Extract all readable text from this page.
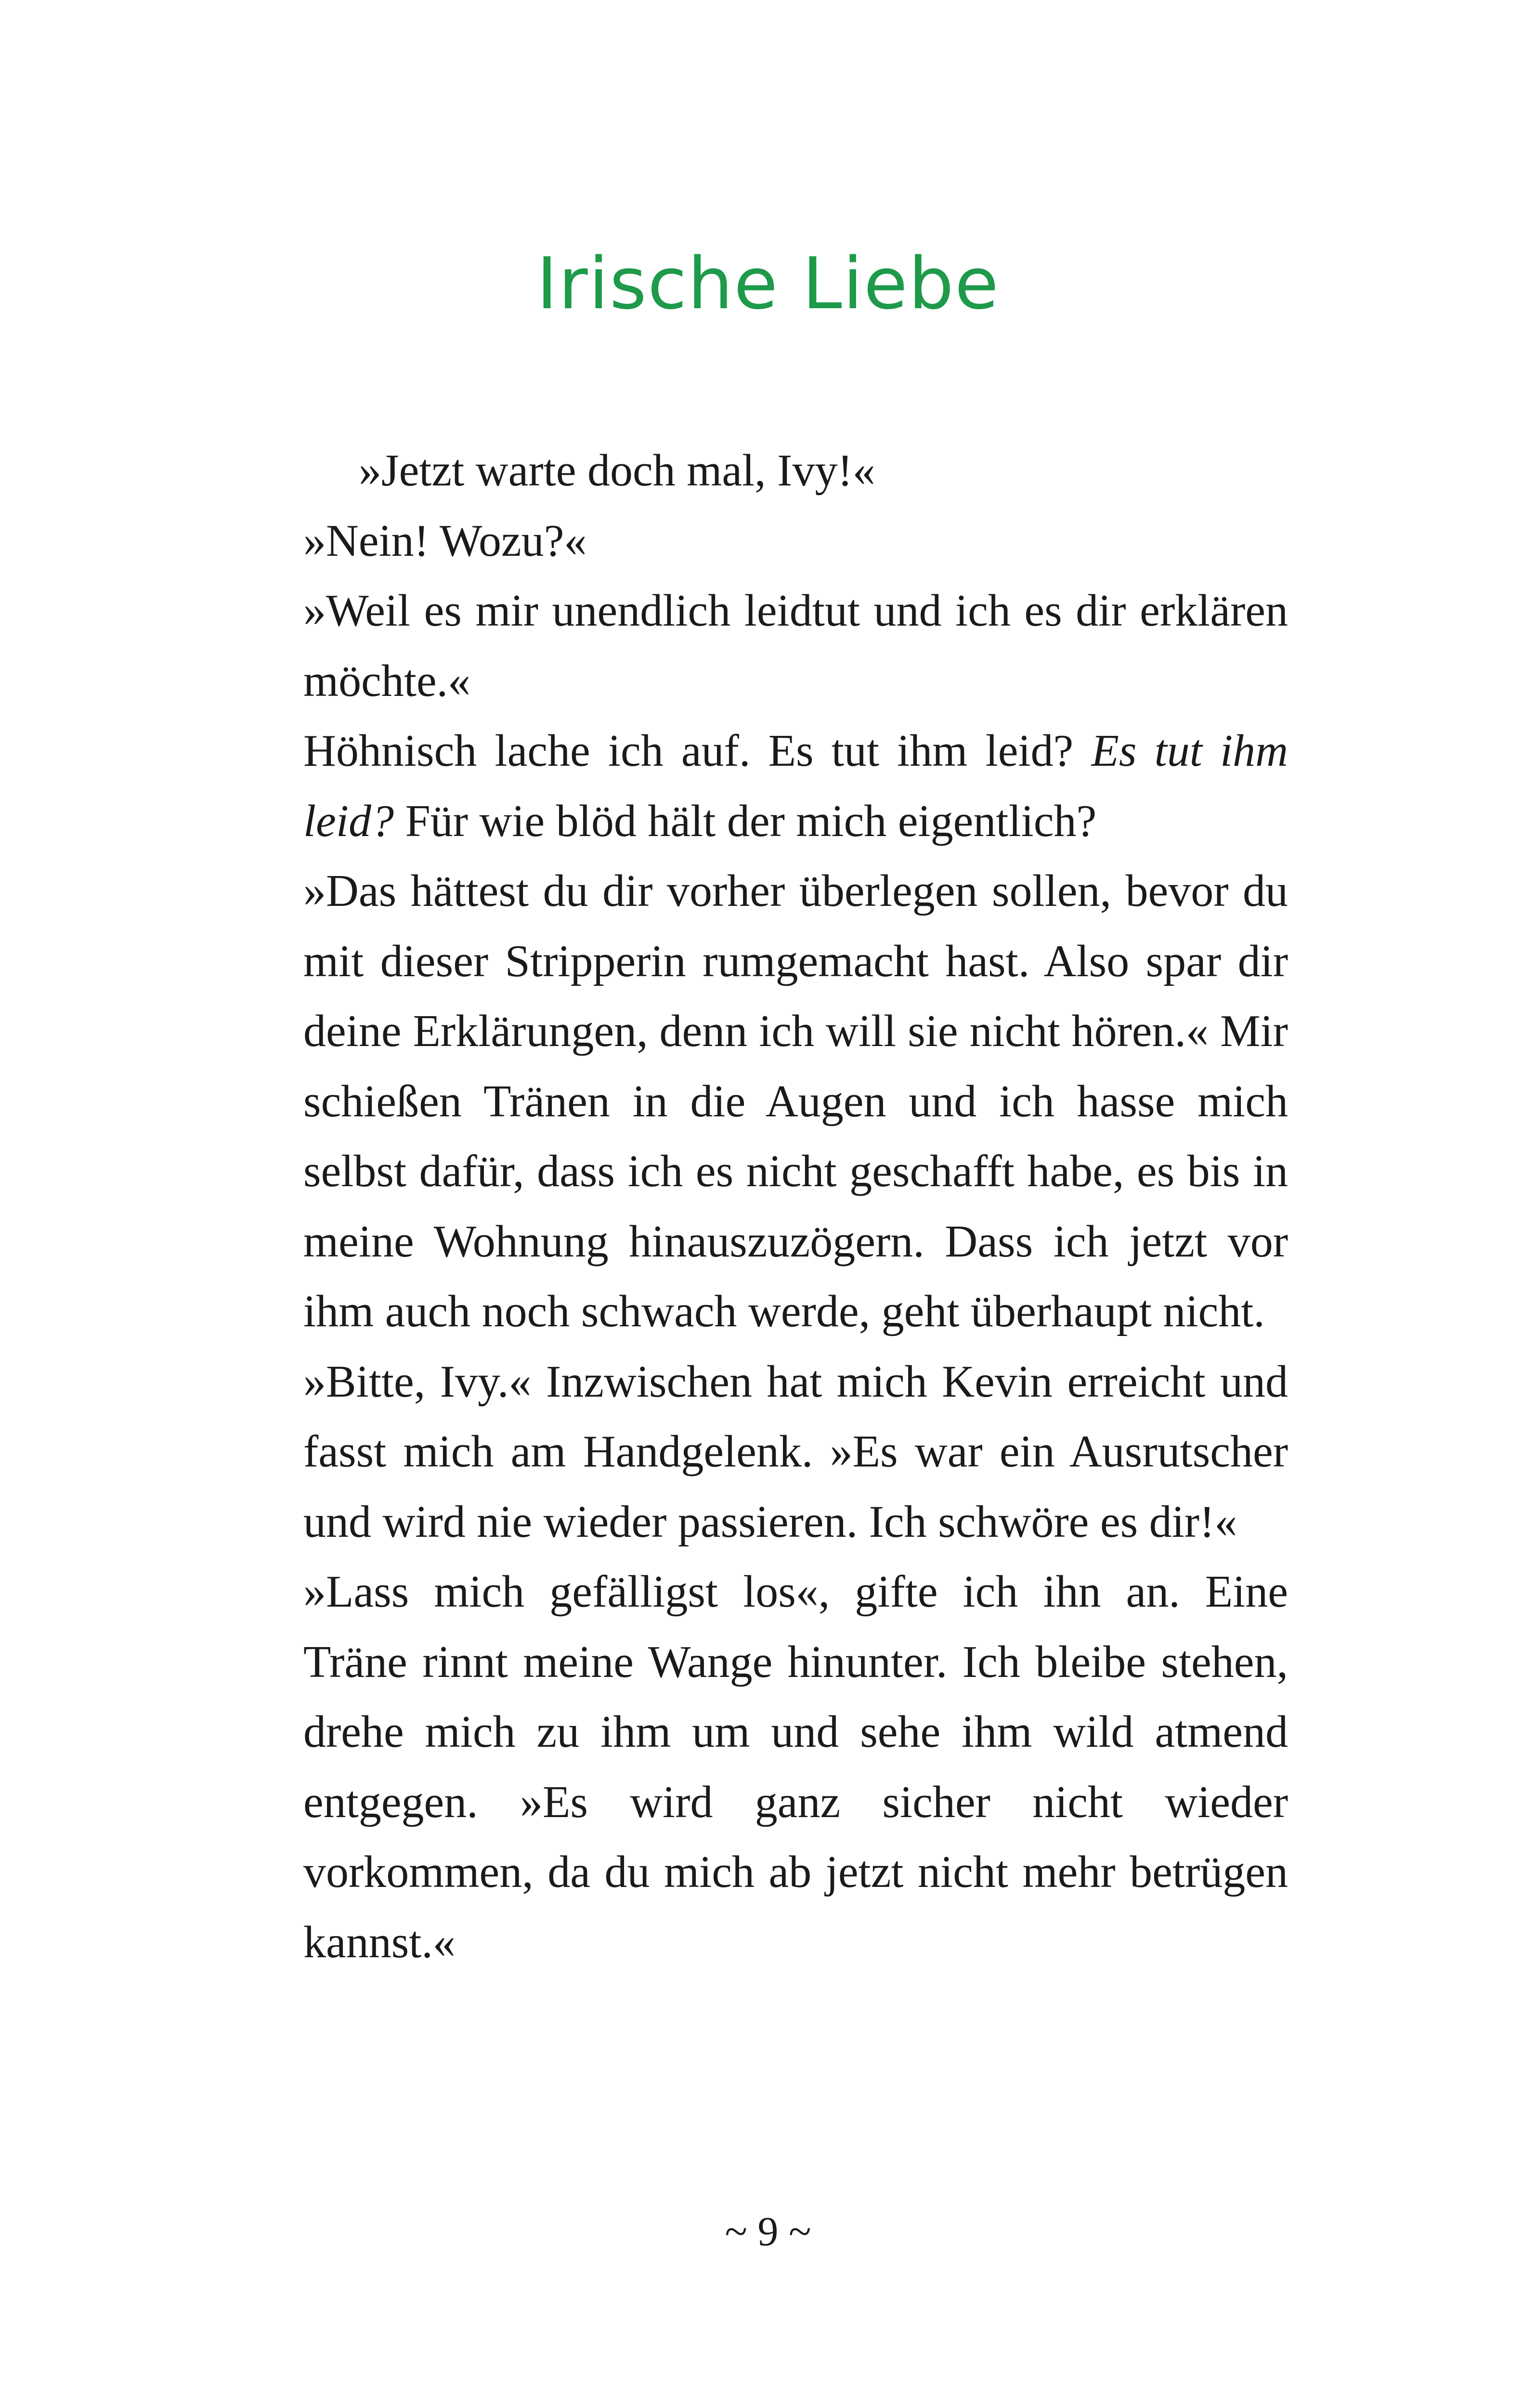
Irische Liebe

»Jetzt warte doch mal, Ivy!«

»Nein! Wozu?«

»Weil es mir unendlich leidtut und ich es dir erklären möchte.«

Höhnisch lache ich auf. Es tut ihm leid? Es tut ihm leid? Für wie blöd hält der mich eigentlich?

»Das hättest du dir vorher überlegen sollen, bevor du mit dieser Stripperin rumgemacht hast. Also spar dir deine Erklärungen, denn ich will sie nicht hören.« Mir schießen Tränen in die Augen und ich hasse mich selbst dafür, dass ich es nicht geschafft habe, es bis in meine Wohnung hinauszuzögern. Dass ich jetzt vor ihm auch noch schwach werde, geht überhaupt nicht.

»Bitte, Ivy.« Inzwischen hat mich Kevin erreicht und fasst mich am Handgelenk. »Es war ein Ausrutscher und wird nie wieder passieren. Ich schwöre es dir!«

»Lass mich gefälligst los«, gifte ich ihn an. Eine Träne rinnt meine Wange hinunter. Ich bleibe stehen, drehe mich zu ihm um und sehe ihm wild atmend entgegen. »Es wird ganz sicher nicht wieder vorkommen, da du mich ab jetzt nicht mehr betrügen kannst.«

~ 9 ~
